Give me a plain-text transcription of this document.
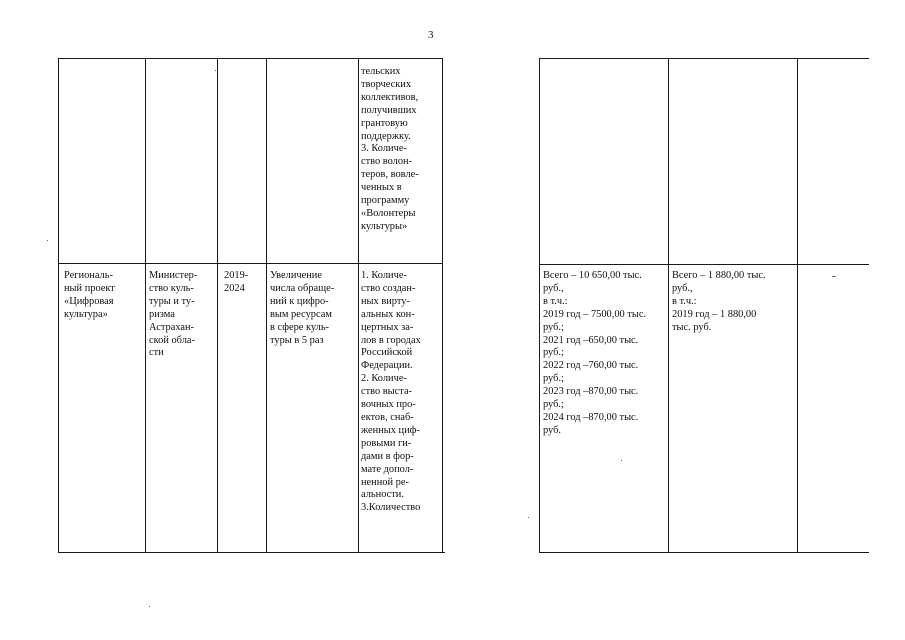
3
тельских
творческих
коллективов,
получивших
грантовую
поддержку.
3. Количе-
ство волон-
теров, вовле-
ченных в
программу
«Волонтеры
культуры»
Региональ-
ный проект
«Цифровая
культура»
Министер-
ство куль-
туры и ту-
ризма
Астрахан-
ской обла-
сти
2019-
2024
Увеличение
числа обраще-
ний к цифро-
вым ресурсам
в сфере куль-
туры в 5 раз
1. Количе-
ство создан-
ных вирту-
альных кон-
цертных за-
лов в городах
Российской
Федерации.
2. Количе-
ство выста-
вочных про-
ектов, снаб-
женных циф-
ровыми ги-
дами в фор-
мате допол-
ненной ре-
альности.
3.Количество
Всего – 10 650,00 тыс.
руб.,
в т.ч.:
2019 год – 7500,00 тыс.
руб.;
2021 год –650,00 тыс.
руб.;
2022 год –760,00 тыс.
руб.;
2023 год –870,00 тыс.
руб.;
2024 год –870,00 тыс.
руб.
Всего – 1 880,00 тыс.
руб.,
в т.ч.:
2019 год – 1 880,00
тыс. руб.
-
